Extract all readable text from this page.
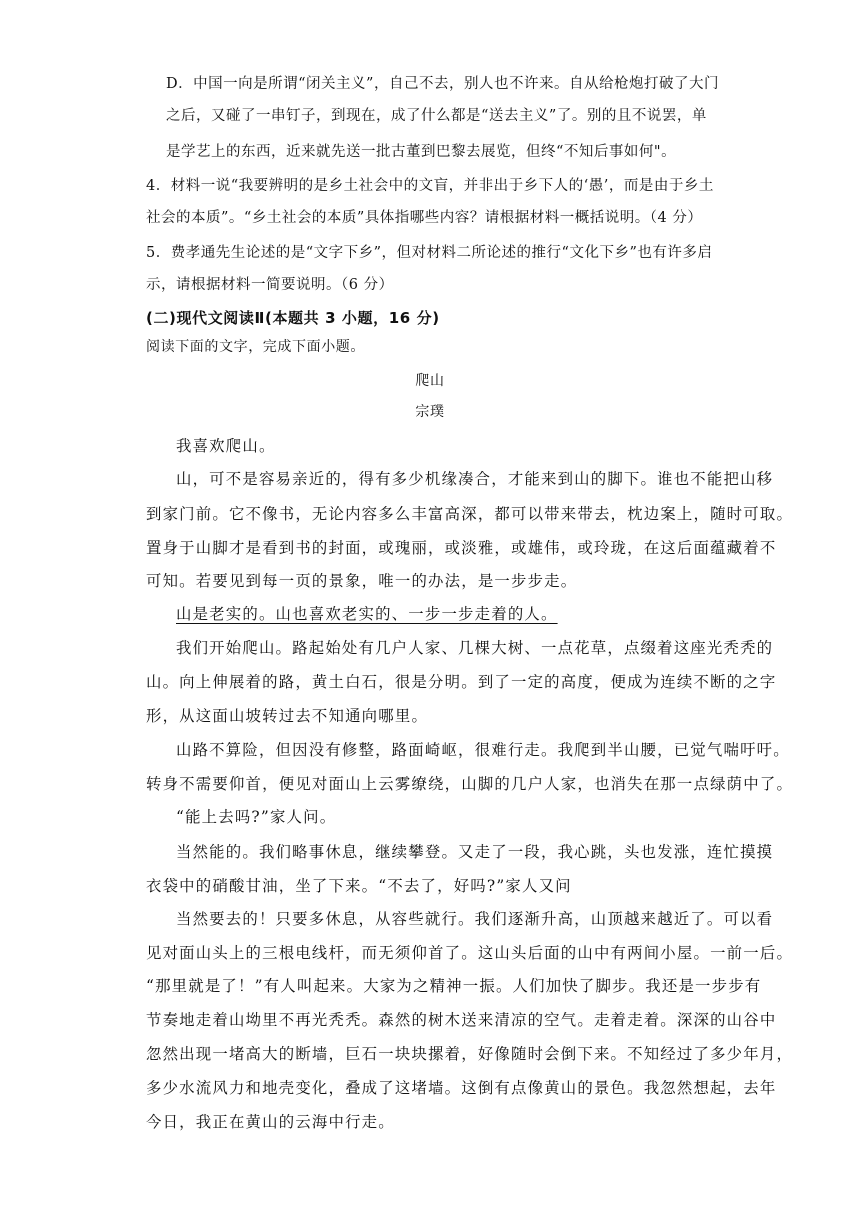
D．中国一向是所谓“闭关主义”，自己不去，别人也不许来。自从给枪炮打破了大门
之后，又碰了一串钉子，到现在，成了什么都是“送去主义”了。别的且不说罢，单
是学艺上的东西，近来就先送一批古董到巴黎去展览，但终“不知后事如何"。
4．材料一说“我要辨明的是乡土社会中的文盲，并非出于乡下人的‘愚’，而是由于乡土
社会的本质”。“乡土社会的本质”具体指哪些内容？请根据材料一概括说明。（4 分）
5．费孝通先生论述的是“文字下乡”，但对材料二所论述的推行“文化下乡”也有许多启
示，请根据材料一简要说明。（6 分）
(二)现代文阅读Ⅱ(本题共 3 小题，16 分)
阅读下面的文字，完成下面小题。
爬山
宗璞
我喜欢爬山。
山，可不是容易亲近的，得有多少机缘凑合，才能来到山的脚下。谁也不能把山移
到家门前。它不像书，无论内容多么丰富高深，都可以带来带去，枕边案上，随时可取。
置身于山脚才是看到书的封面，或瑰丽，或淡雅，或雄伟，或玲珑，在这后面蕴藏着不
可知。若要见到每一页的景象，唯一的办法，是一步步走。
山是老实的。山也喜欢老实的、一步一步走着的人。
我们开始爬山。路起始处有几户人家、几棵大树、一点花草，点缀着这座光秃秃的
山。向上伸展着的路，黄土白石，很是分明。到了一定的高度，便成为连续不断的之字
形，从这面山坡转过去不知通向哪里。
山路不算险，但因没有修整，路面崎岖，很难行走。我爬到半山腰，已觉气喘吁吁。
转身不需要仰首，便见对面山上云雾缭绕，山脚的几户人家，也消失在那一点绿荫中了。
“能上去吗?”家人问。
当然能的。我们略事休息，继续攀登。又走了一段，我心跳，头也发涨，连忙摸摸
衣袋中的硝酸甘油，坐了下来。“不去了，好吗?”家人又问
当然要去的！只要多休息，从容些就行。我们逐渐升高，山顶越来越近了。可以看
见对面山头上的三根电线杆，而无须仰首了。这山头后面的山中有两间小屋。一前一后。
“那里就是了！”有人叫起来。大家为之精神一振。人们加快了脚步。我还是一步步有
节奏地走着山坳里不再光秃秃。森然的树木送来清凉的空气。走着走着。深深的山谷中
忽然出现一堵高大的断墙，巨石一块块摞着，好像随时会倒下来。不知经过了多少年月，
多少水流风力和地壳变化，叠成了这堵墙。这倒有点像黄山的景色。我忽然想起，去年
今日，我正在黄山的云海中行走。
